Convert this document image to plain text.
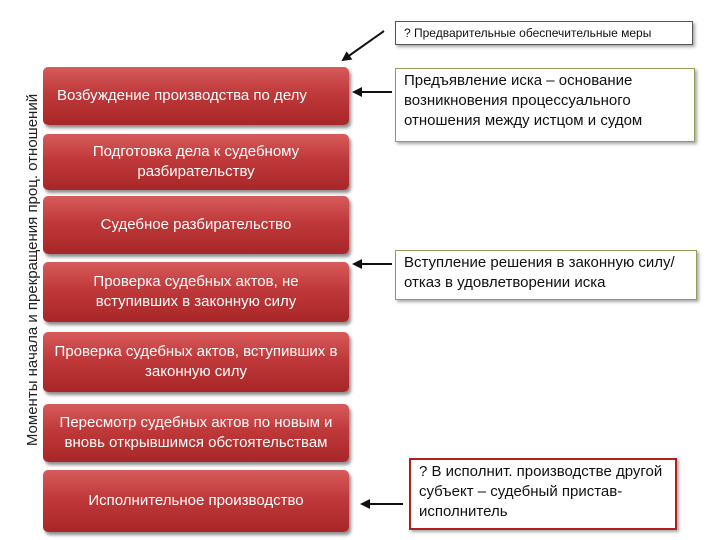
Моменты начала и прекращения проц. отношений	Возбуждение производства по делу
Подготовка дела к судебному разбирательству
Судебное разбирательство
Проверка судебных актов, не вступивших в законную силу
Проверка судебных актов, вступивших в законную силу
Пересмотр судебных актов по новым и вновь открывшимся обстоятельствам
Исполнительное производство
? Предварительные обеспечительные меры
Предъявление иска – основание возникновения процессуального отношения между истцом и судом
Вступление решения в законную силу/ отказ в удовлетворении иска
? В исполнит. производстве другой субъект – судебный пристав-исполнитель
